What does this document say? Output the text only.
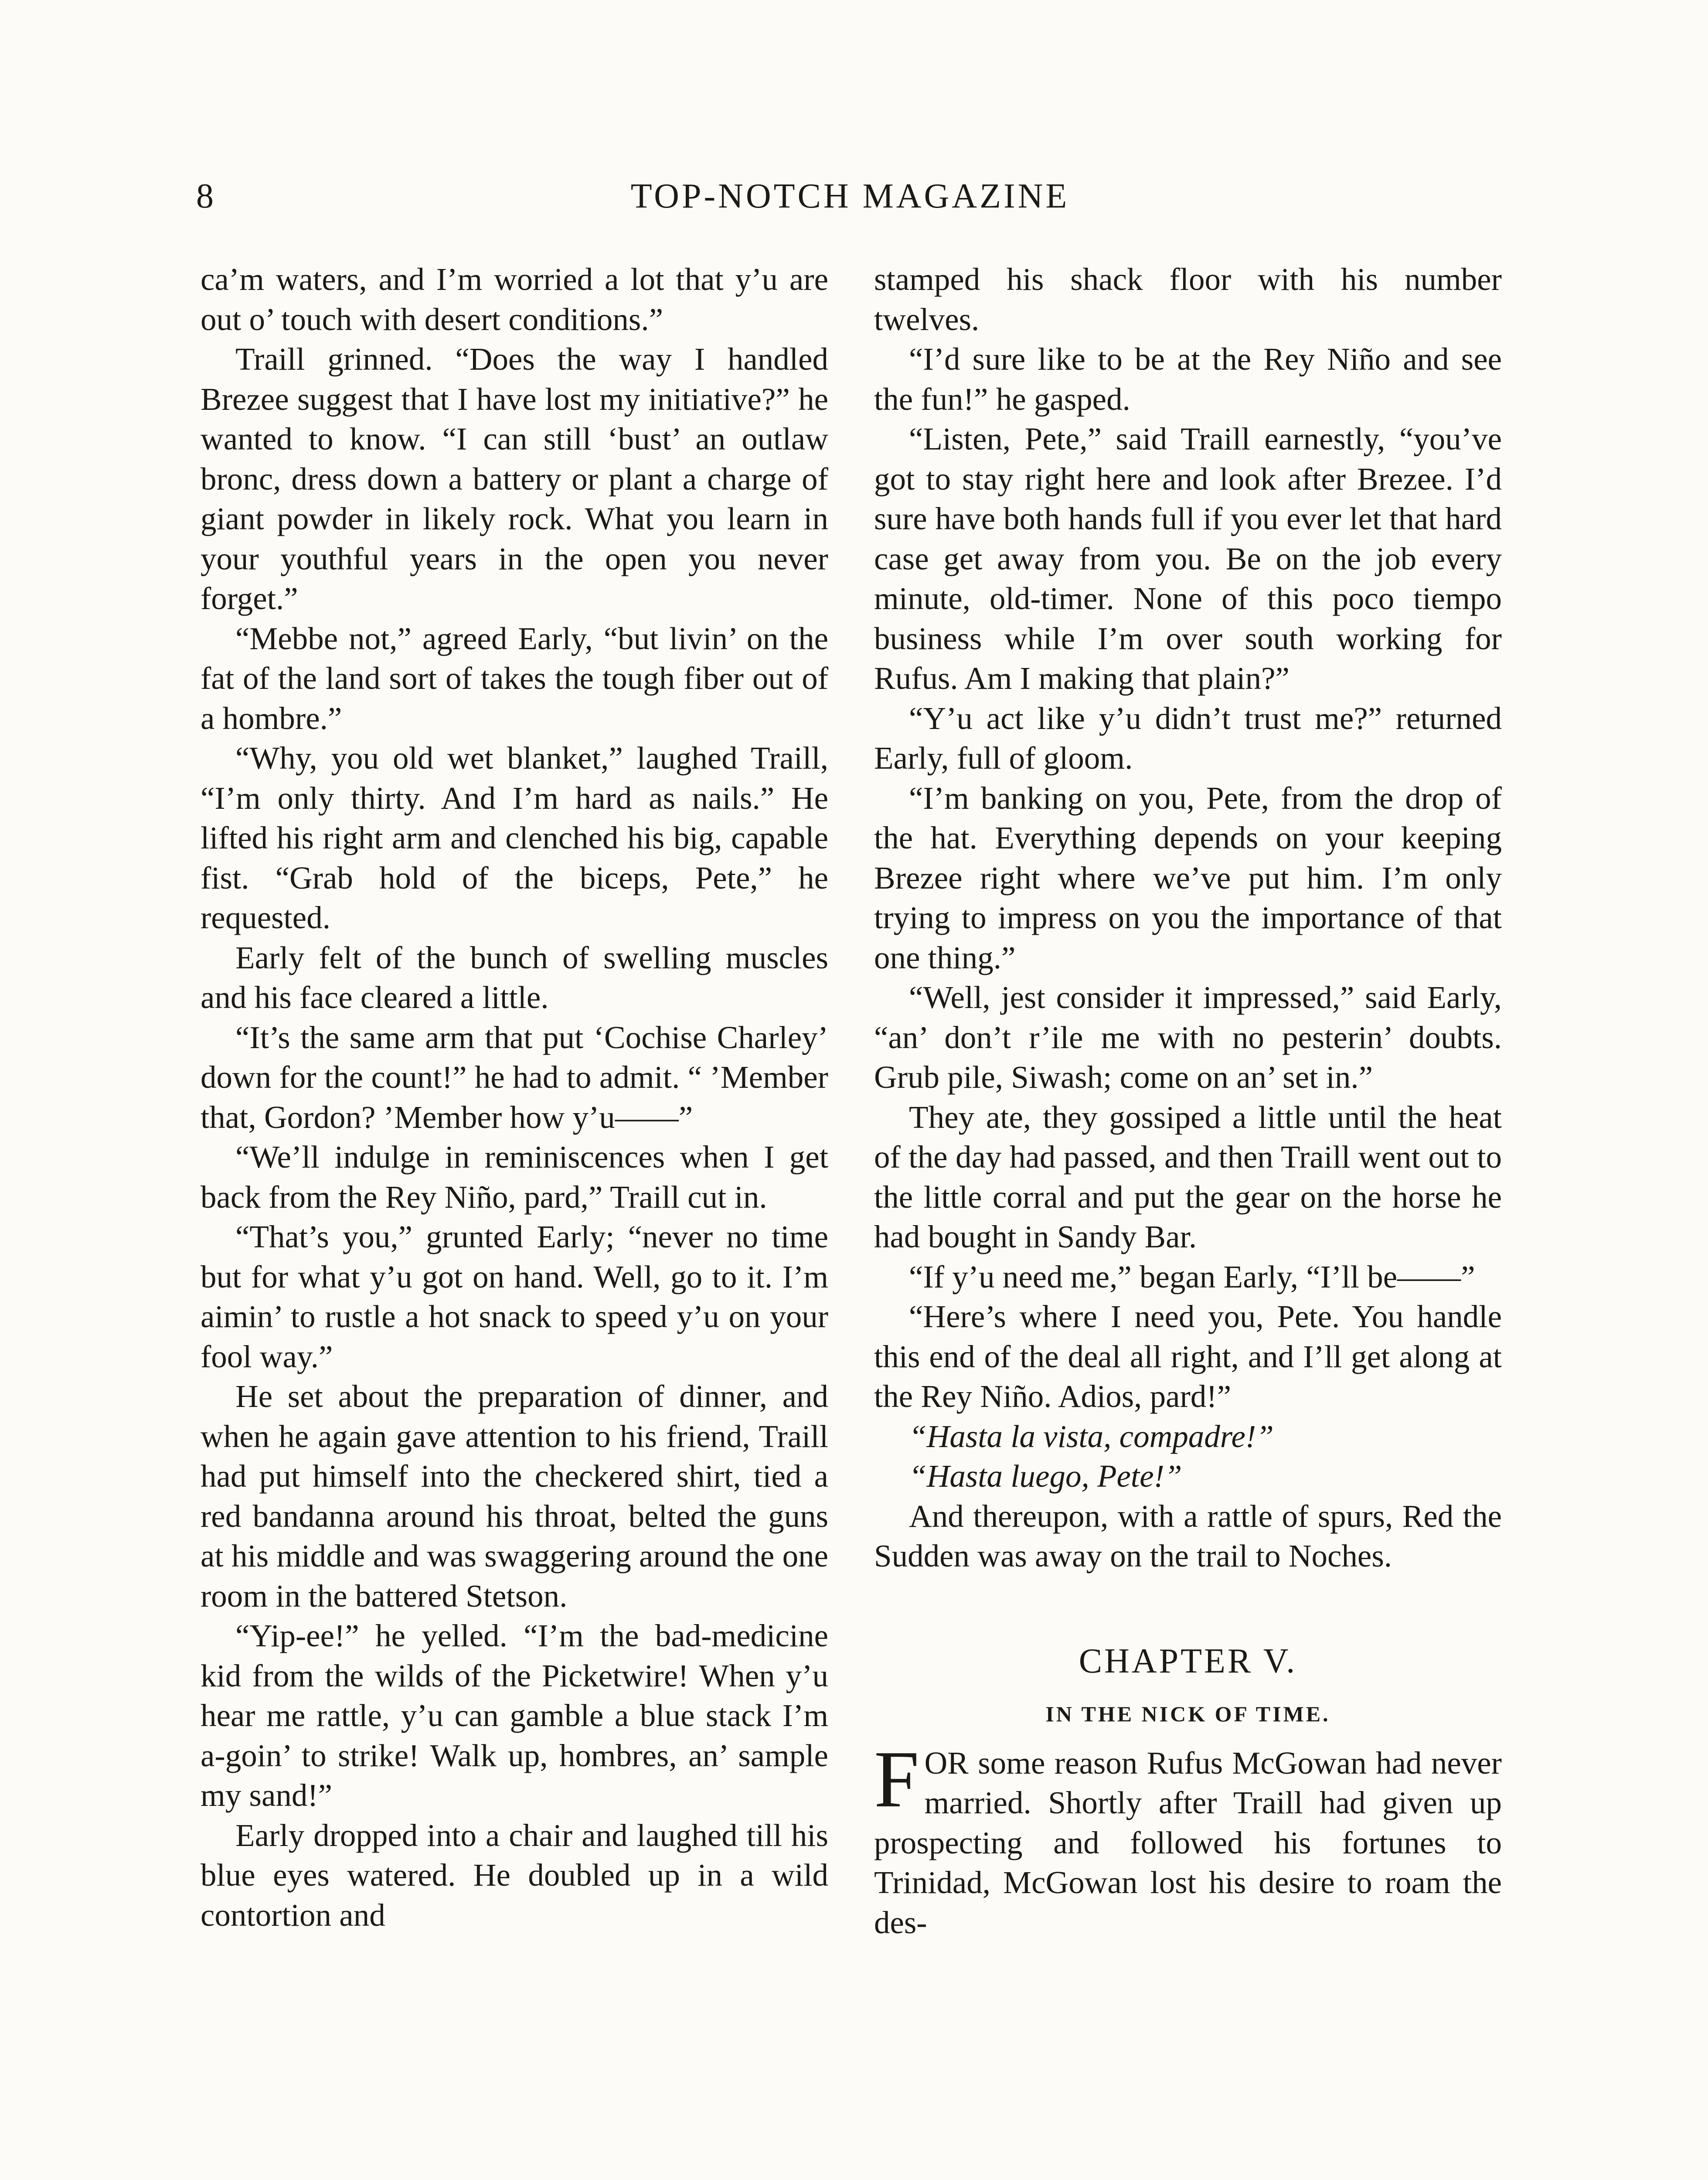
8	TOP-NOTCH MAGAZINE

ca’m waters, and I’m worried a lot that y’u are out o’ touch with desert conditions.”

Traill grinned. “Does the way I handled Brezee suggest that I have lost my initiative?” he wanted to know. “I can still ‘bust’ an outlaw bronc, dress down a battery or plant a charge of giant powder in likely rock. What you learn in your youthful years in the open you never forget.”

“Mebbe not,” agreed Early, “but livin’ on the fat of the land sort of takes the tough fiber out of a hombre.”

“Why, you old wet blanket,” laughed Traill, “I’m only thirty. And I’m hard as nails.” He lifted his right arm and clenched his big, capable fist. “Grab hold of the biceps, Pete,” he requested.

Early felt of the bunch of swelling muscles and his face cleared a little.

“It’s the same arm that put ‘Cochise Charley’ down for the count!” he had to admit. “ ’Member that, Gordon? ’Member how y’u——”

“We’ll indulge in reminiscences when I get back from the Rey Niño, pard,” Traill cut in.

“That’s you,” grunted Early; “never no time but for what y’u got on hand. Well, go to it. I’m aimin’ to rustle a hot snack to speed y’u on your fool way.”

He set about the preparation of dinner, and when he again gave attention to his friend, Traill had put himself into the checkered shirt, tied a red bandanna around his throat, belted the guns at his middle and was swaggering around the one room in the battered Stetson.

“Yip-ee!” he yelled. “I’m the bad-medicine kid from the wilds of the Picketwire! When y’u hear me rattle, y’u can gamble a blue stack I’m a-goin’ to strike! Walk up, hombres, an’ sample my sand!”

Early dropped into a chair and laughed till his blue eyes watered. He doubled up in a wild contortion and

stamped his shack floor with his number twelves.

“I’d sure like to be at the Rey Niño and see the fun!” he gasped.

“Listen, Pete,” said Traill earnestly, “you’ve got to stay right here and look after Brezee. I’d sure have both hands full if you ever let that hard case get away from you. Be on the job every minute, old-timer. None of this poco tiempo business while I’m over south working for Rufus. Am I making that plain?”

“Y’u act like y’u didn’t trust me?” returned Early, full of gloom.

“I’m banking on you, Pete, from the drop of the hat. Everything depends on your keeping Brezee right where we’ve put him. I’m only trying to impress on you the importance of that one thing.”

“Well, jest consider it impressed,” said Early, “an’ don’t r’ile me with no pesterin’ doubts. Grub pile, Siwash; come on an’ set in.”

They ate, they gossiped a little until the heat of the day had passed, and then Traill went out to the little corral and put the gear on the horse he had bought in Sandy Bar.

“If y’u need me,” began Early, “I’ll be——”

“Here’s where I need you, Pete. You handle this end of the deal all right, and I’ll get along at the Rey Niño. Adios, pard!”

“Hasta la vista, compadre!”

“Hasta luego, Pete!”

And thereupon, with a rattle of spurs, Red the Sudden was away on the trail to Noches.

CHAPTER V.

IN THE NICK OF TIME.

FOR some reason Rufus McGowan had never married. Shortly after Traill had given up prospecting and followed his fortunes to Trinidad, McGowan lost his desire to roam the des-
